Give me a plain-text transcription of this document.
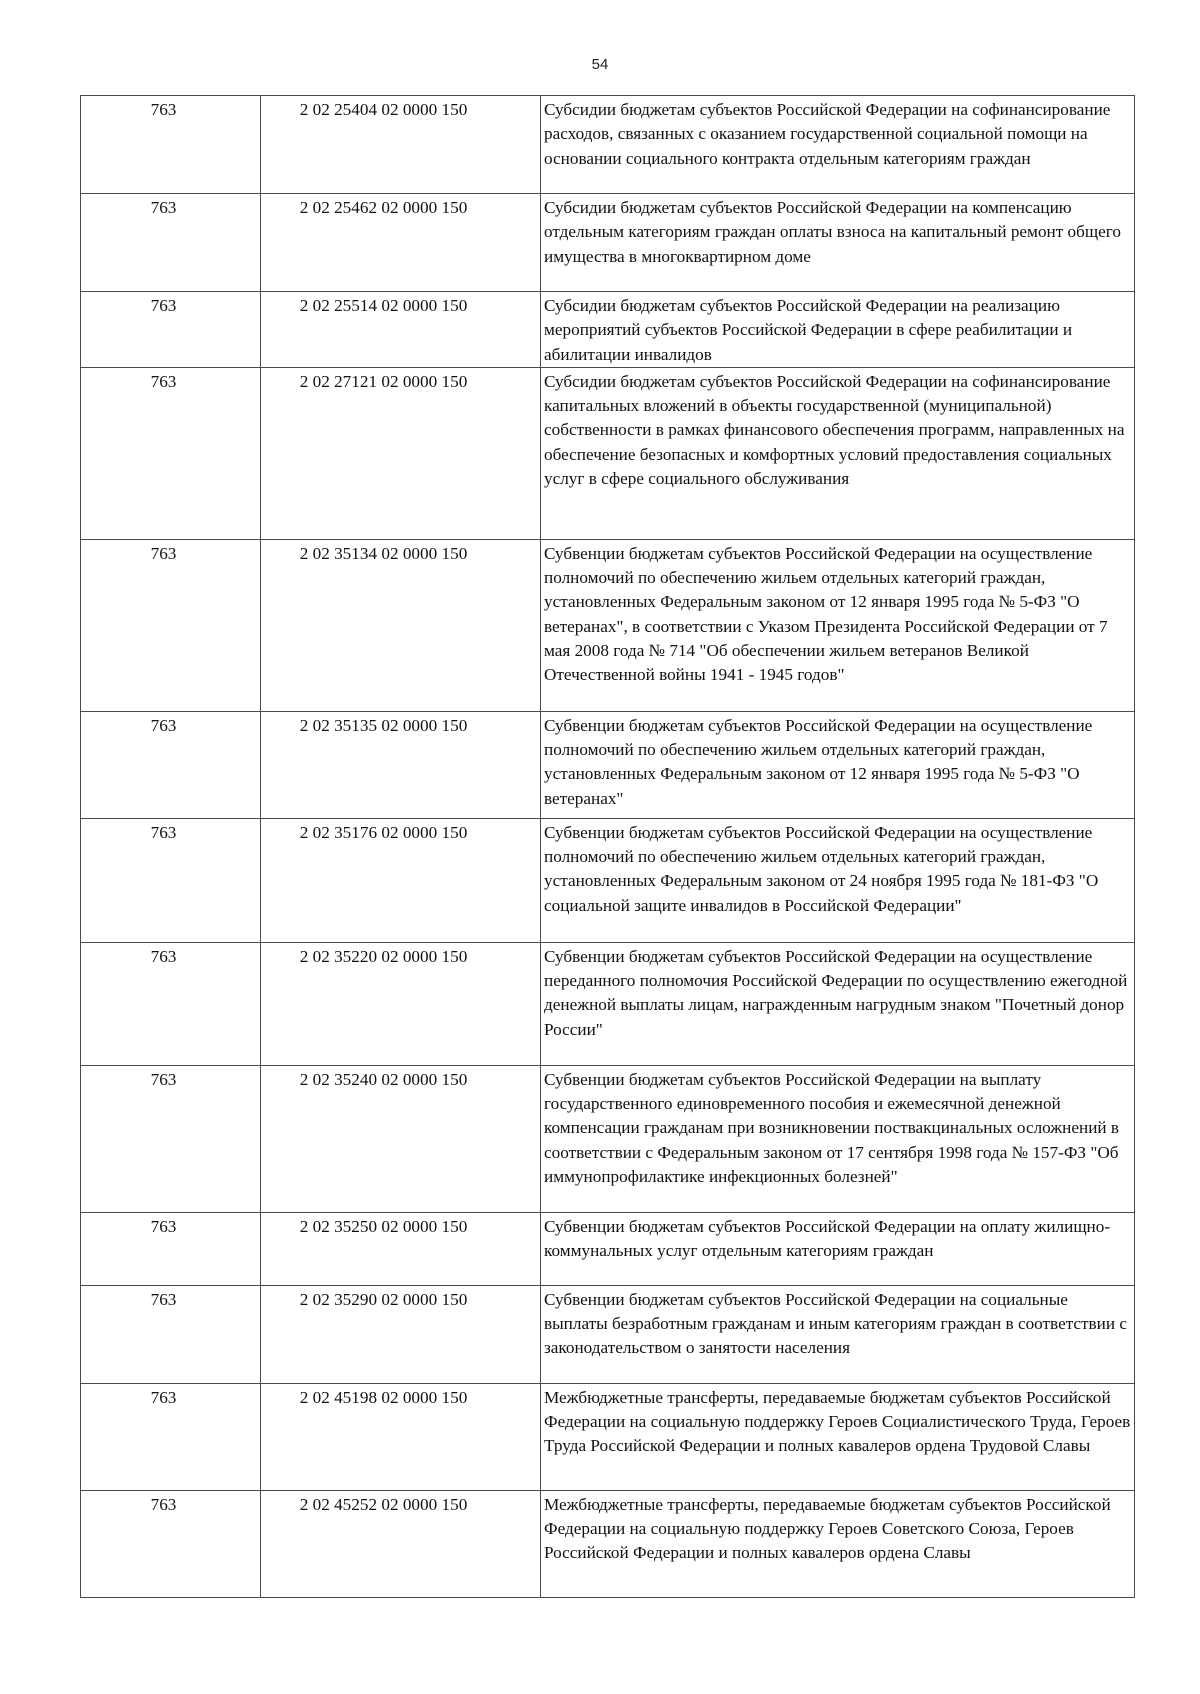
54
763	2 02 25404 02 0000 150	Субсидии бюджетам субъектов Российской Федерации на софинансирование расходов, связанных с оказанием государственной социальной помощи на основании социального контракта отдельным категориям граждан
763	2 02 25462 02 0000 150	Субсидии бюджетам субъектов Российской Федерации на компенсацию отдельным категориям граждан оплаты взноса на капитальный ремонт общего имущества в многоквартирном доме
763	2 02 25514 02 0000 150	Субсидии бюджетам субъектов Российской Федерации на реализацию мероприятий субъектов Российской Федерации в сфере реабилитации и абилитации инвалидов
763	2 02 27121 02 0000 150	Субсидии бюджетам субъектов Российской Федерации на софинансирование капитальных вложений в объекты государственной (муниципальной) собственности в рамках финансового обеспечения программ, направленных на обеспечение безопасных и комфортных условий предоставления социальных услуг в сфере социального обслуживания
763	2 02 35134 02 0000 150	Субвенции бюджетам субъектов Российской Федерации на осуществление полномочий по обеспечению жильем отдельных категорий граждан, установленных Федеральным законом от 12 января 1995 года № 5-ФЗ "О ветеранах", в соответствии с Указом Президента Российской Федерации от 7 мая 2008 года № 714 "Об обеспечении жильем ветеранов Великой Отечественной войны 1941 - 1945 годов"
763	2 02 35135 02 0000 150	Субвенции бюджетам субъектов Российской Федерации на осуществление полномочий по обеспечению жильем отдельных категорий граждан, установленных Федеральным законом от 12 января 1995 года № 5-ФЗ "О ветеранах"
763	2 02 35176 02 0000 150	Субвенции бюджетам субъектов Российской Федерации на осуществление полномочий по обеспечению жильем отдельных категорий граждан, установленных Федеральным законом от 24 ноября 1995 года № 181-ФЗ "О социальной защите инвалидов в Российской Федерации"
763	2 02 35220 02 0000 150	Субвенции бюджетам субъектов Российской Федерации на осуществление переданного полномочия Российской Федерации по осуществлению ежегодной денежной выплаты лицам, награжденным нагрудным знаком "Почетный донор России"
763	2 02 35240 02 0000 150	Субвенции бюджетам субъектов Российской Федерации на выплату государственного единовременного пособия и ежемесячной денежной компенсации гражданам при возникновении поствакцинальных осложнений в соответствии с Федеральным законом от 17 сентября 1998 года № 157-ФЗ "Об иммунопрофилактике инфекционных болезней"
763	2 02 35250 02 0000 150	Субвенции бюджетам субъектов Российской Федерации на оплату жилищно-коммунальных услуг отдельным категориям граждан
763	2 02 35290 02 0000 150	Субвенции бюджетам субъектов Российской Федерации на социальные выплаты безработным гражданам и иным категориям граждан в соответствии с законодательством о занятости населения
763	2 02 45198 02 0000 150	Межбюджетные трансферты, передаваемые бюджетам субъектов Российской Федерации на социальную поддержку Героев Социалистического Труда, Героев Труда Российской Федерации и полных кавалеров ордена Трудовой Славы
763	2 02 45252 02 0000 150	Межбюджетные трансферты, передаваемые бюджетам субъектов Российской Федерации на социальную поддержку Героев Советского Союза, Героев Российской Федерации и полных кавалеров ордена Славы
